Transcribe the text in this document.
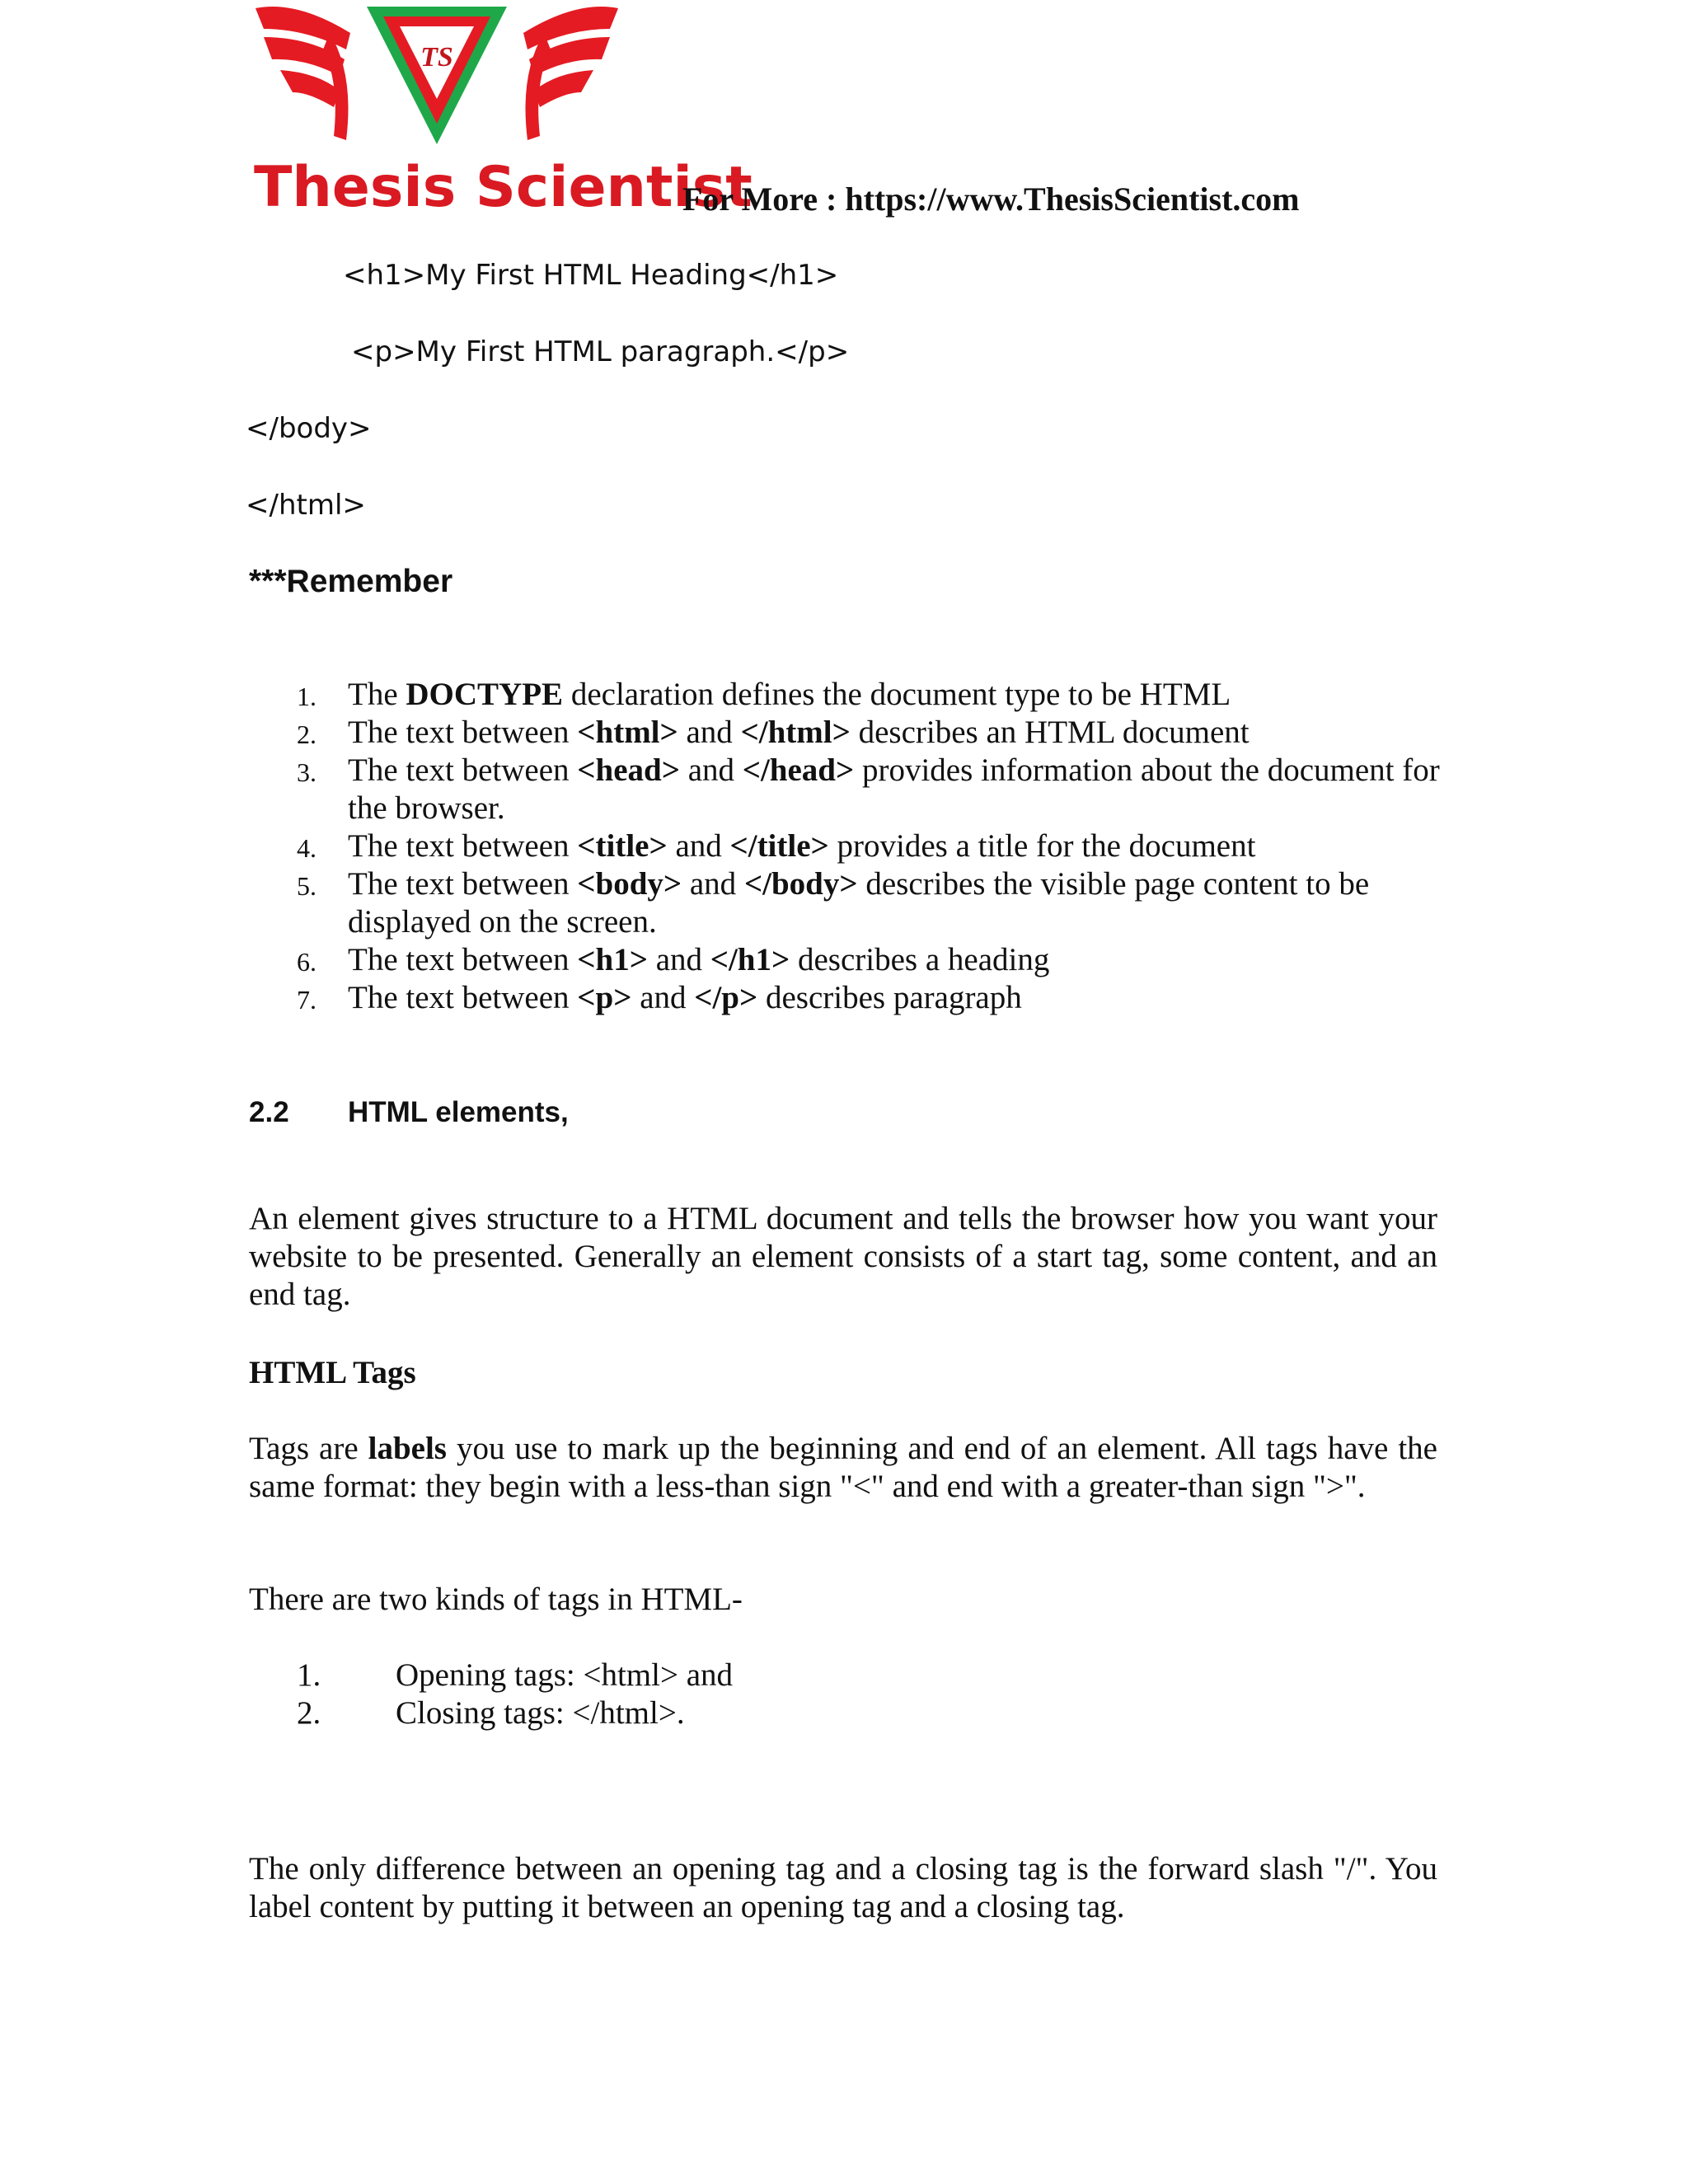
TS
Thesis Scientist
For More : https://www.ThesisScientist.com
<h1>My First HTML Heading</h1>
<p>My First HTML paragraph.</p>
</body>
</html>
***Remember
1. The DOCTYPE declaration defines the document type to be HTML
2. The text between <html> and </html> describes an HTML document
3. The text between <head> and </head> provides information about the document for the browser.
4. The text between <title> and </title> provides a title for the document
5. The text between <body> and </body> describes the visible page content to be displayed on the screen.
6. The text between <h1> and </h1> describes a heading
7. The text between <p> and </p> describes paragraph
2.2 HTML elements,
An element gives structure to a HTML document and tells the browser how you want your website to be presented. Generally an element consists of a start tag, some content, and an end tag.
HTML Tags
Tags are labels you use to mark up the beginning and end of an element. All tags have the same format: they begin with a less-than sign "<" and end with a greater-than sign ">".
There are two kinds of tags in HTML-
1. Opening tags: <html> and
2. Closing tags: </html>.
The only difference between an opening tag and a closing tag is the forward slash "/". You label content by putting it between an opening tag and a closing tag.
